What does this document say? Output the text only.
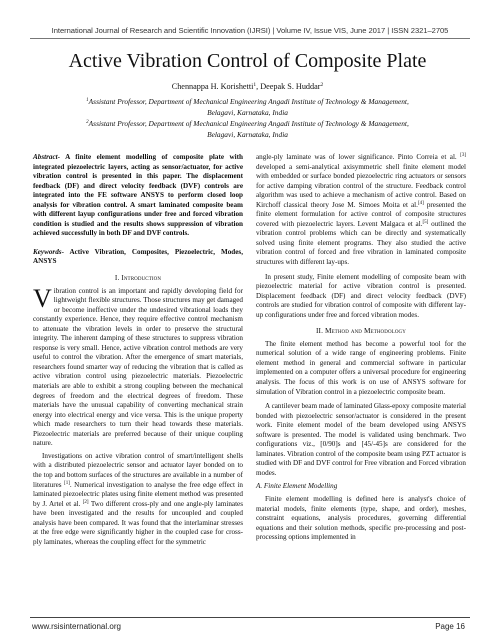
International Journal of Research and Scientific Innovation (IJRSI) | Volume IV, Issue VIS, June 2017 | ISSN 2321–2705
Active Vibration Control of Composite Plate
Chennappa H. Korishetti$^1$, Deepak S. Huddar$^2$
$^1$Assistant Professor, Department of Mechanical Engineering Angadi Institute of Technology & Management,
Belagavi, Karnataka, India
$^2$Assistant Professor, Department of Mechanical Engineering Angadi Institute of Technology & Management,
Belagavi, Karnataka, India

Abstract- A finite element modelling of composite plate with integrated piezoelectric layers, acting as sensor/actuator, for active vibration control is presented in this paper. The displacement feedback (DF) and direct velocity feedback (DVF) controls are integrated into the FE software ANSYS to perform closed loop analysis for vibration control. A smart laminated composite beam with different layup configurations under free and forced vibration condition is studied and the results shows suppression of vibration achieved successfully in both DF and DVF controls.

Keywords- Active Vibration, Composites, Piezoelectric, Modes, ANSYS

I. Introduction

Vibration control is an important and rapidly developing field for lightweight flexible structures. Those structures may get damaged or become ineffective under the undesired vibrational loads they constantly experience. Hence, they require effective control mechanism to attenuate the vibration levels in order to preserve the structural integrity. The inherent damping of these structures to suppress vibration response is very small. Hence, active vibration control methods are very useful to control the vibration. After the emergence of smart materials, researchers found smarter way of reducing the vibration that is called as active vibration control using piezoelectric materials. Piezoelectric materials are able to exhibit a strong coupling between the mechanical degrees of freedom and the electrical degrees of freedom. These materials have the unusual capability of converting mechanical strain energy into electrical energy and vice versa. This is the unique property which made researchers to turn their head towards these materials. Piezoelectric materials are preferred because of their unique coupling nature.

Investigations on active vibration control of smart/intelligent shells with a distributed piezoelectric sensor and actuator layer bonded on to the top and bottom surfaces of the structures are available in a number of literatures [1]. Numerical investigation to analyse the free edge effect in laminated piezoelectric plates using finite element method was presented by J. Artel et al. [2] Two different cross-ply and one angle-ply laminates have been investigated and the results for uncoupled and coupled analysis have been compared. It was found that the interlaminar stresses at the free edge were significantly higher in the coupled case for cross-ply laminates, whereas the coupling effect for the symmetric

angle-ply laminate was of lower significance. Pinto Correia et al. [3] developed a semi-analytical axisymmetric shell finite element model with embedded or surface bonded piezoelectric ring actuators or sensors for active damping vibration control of the structure. Feedback control algorithm was used to achieve a mechanism of active control. Based on Kirchoff classical theory Jose M. Simoes Moita et al.[4] presented the finite element formulation for active control of composite structures covered with piezoelectric layers. Levent Malgaca et al.[5] outlined the vibration control problems which can be directly and systematically solved using finite element programs. They also studied the active vibration control of forced and free vibration in laminated composite structures with different lay-ups.

In present study, Finite element modelling of composite beam with piezoelectric material for active vibration control is presented. Displacement feedback (DF) and direct velocity feedback (DVF) controls are studied for vibration control of composite with different lay-up configurations under free and forced vibration modes.

II. Method and Methodology

The finite element method has become a powerful tool for the numerical solution of a wide range of engineering problems. Finite element method in general and commercial software in particular implemented on a computer offers a universal procedure for engineering analysis. The focus of this work is on use of ANSYS software for simulation of Vibration control in a piezoelectric composite beam.

A cantilever beam made of laminated Glass-epoxy composite material bonded with piezoelectric sensor/actuator is considered in the present work. Finite element model of the beam developed using ANSYS software is presented. The model is validated using benchmark. Two configurations viz., [0/90]s and [45/-45]s are considered for the laminates. Vibration control of the composite beam using PZT actuator is studied with DF and DVF control for Free vibration and Forced vibration modes.

A. Finite Element Modelling

Finite element modelling is defined here is analyst's choice of material models, finite elements (type, shape, and order), meshes, constraint equations, analysis procedures, governing differential equations and their solution methods, specific pre-processing and post-processing options implemented in

www.rsisinternational.org	Page 16
